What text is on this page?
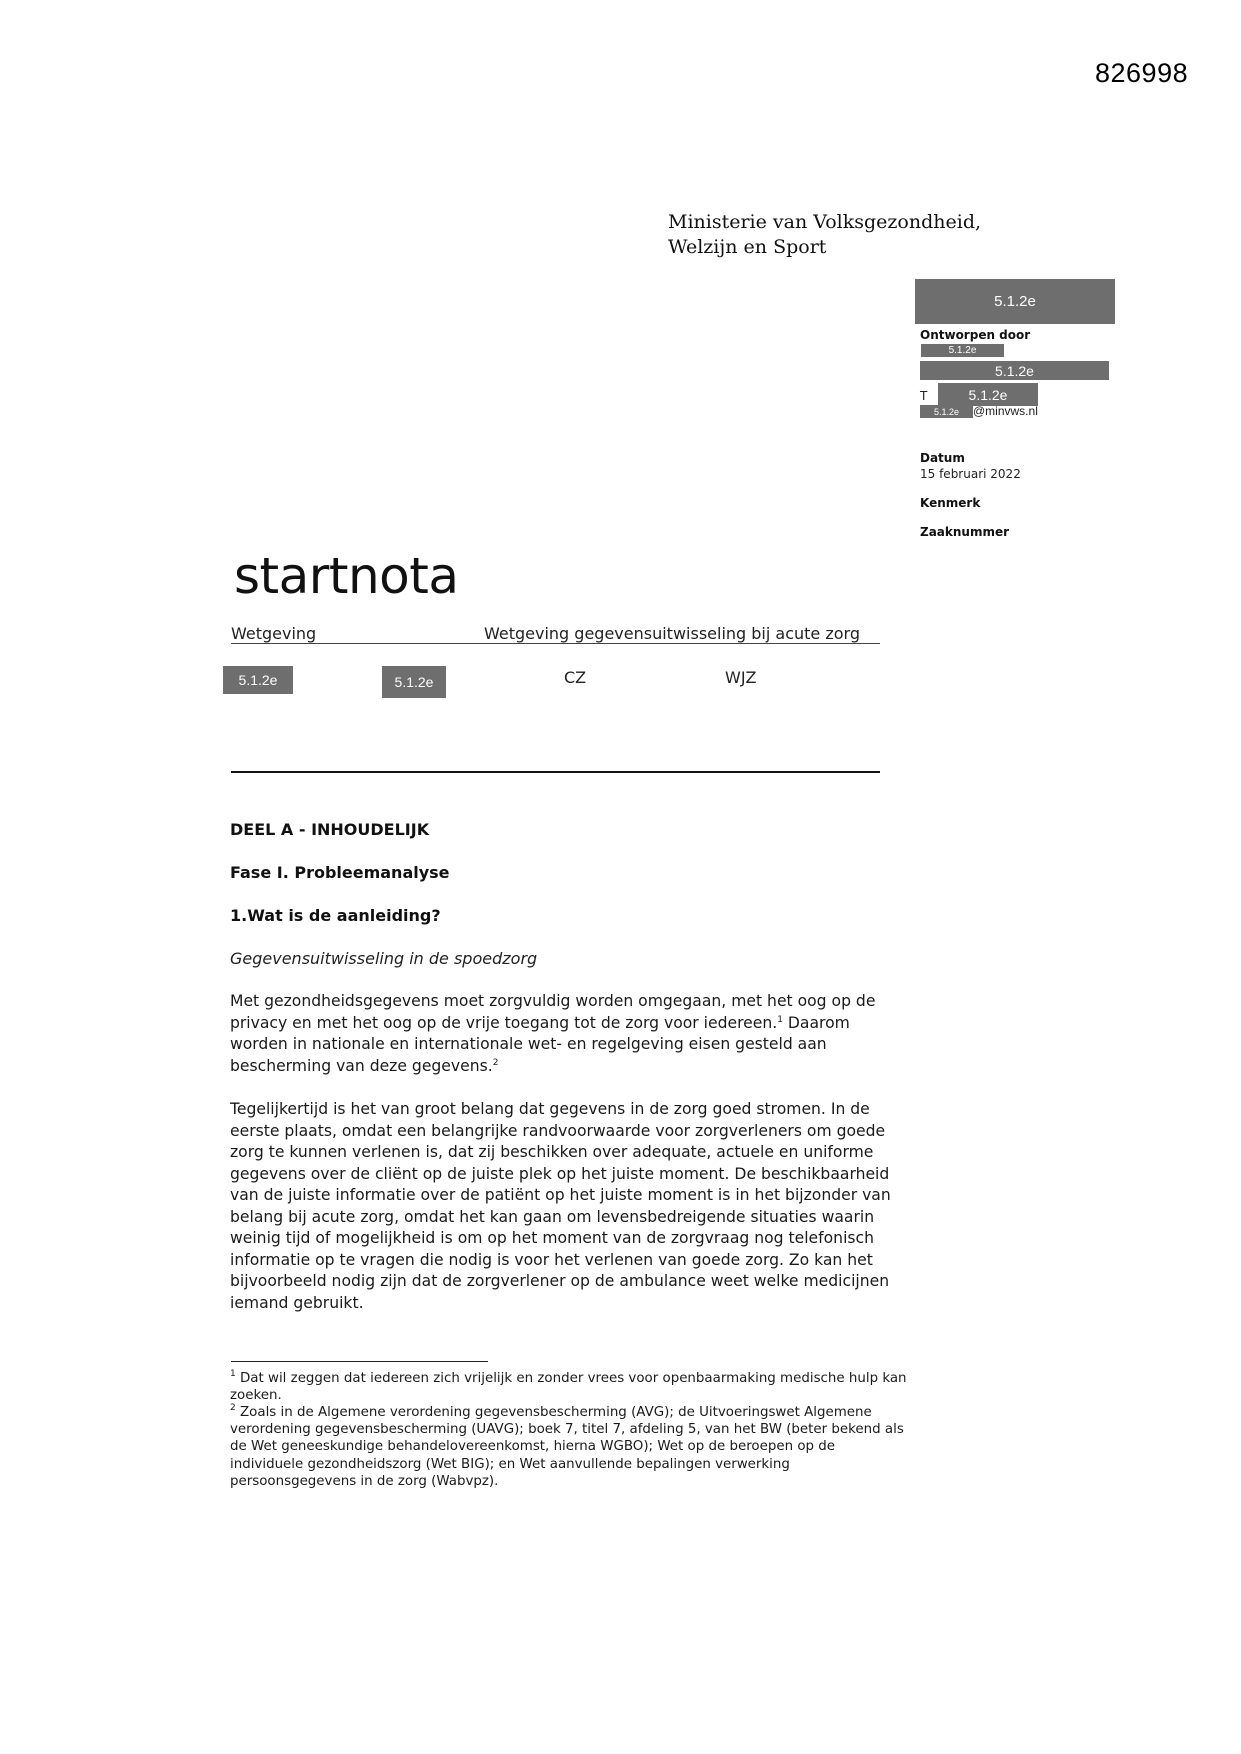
826998
Ministerie van Volksgezondheid,
Welzijn en Sport
5.1.2e
Ontworpen door
5.1.2e
5.1.2e
T	5.1.2e
5.1.2e @minvws.nl
Datum
15 februari 2022
Kenmerk
Zaaknummer
startnota
Wetgeving	Wetgeving gegevensuitwisseling bij acute zorg
5.1.2e	5.1.2e	CZ	WJZ
DEEL A - INHOUDELIJK
Fase I. Probleemanalyse
1.Wat is de aanleiding?
Gegevensuitwisseling in de spoedzorg
Met gezondheidsgegevens moet zorgvuldig worden omgegaan, met het oog op de privacy en met het oog op de vrije toegang tot de zorg voor iedereen.$^1$ Daarom worden in nationale en internationale wet- en regelgeving eisen gesteld aan bescherming van deze gegevens.$^2$
Tegelijkertijd is het van groot belang dat gegevens in de zorg goed stromen. In de eerste plaats, omdat een belangrijke randvoorwaarde voor zorgverleners om goede zorg te kunnen verlenen is, dat zij beschikken over adequate, actuele en uniforme gegevens over de cliënt op de juiste plek op het juiste moment. De beschikbaarheid van de juiste informatie over de patiënt op het juiste moment is in het bijzonder van belang bij acute zorg, omdat het kan gaan om levensbedreigende situaties waarin weinig tijd of mogelijkheid is om op het moment van de zorgvraag nog telefonisch informatie op te vragen die nodig is voor het verlenen van goede zorg. Zo kan het bijvoorbeeld nodig zijn dat de zorgverlener op de ambulance weet welke medicijnen iemand gebruikt.
$^1$ Dat wil zeggen dat iedereen zich vrijelijk en zonder vrees voor openbaarmaking medische hulp kan zoeken.
$^2$ Zoals in de Algemene verordening gegevensbescherming (AVG); de Uitvoeringswet Algemene verordening gegevensbescherming (UAVG); boek 7, titel 7, afdeling 5, van het BW (beter bekend als de Wet geneeskundige behandelovereenkomst, hierna WGBO); Wet op de beroepen op de individuele gezondheidszorg (Wet BIG); en Wet aanvullende bepalingen verwerking persoonsgegevens in de zorg (Wabvpz).
